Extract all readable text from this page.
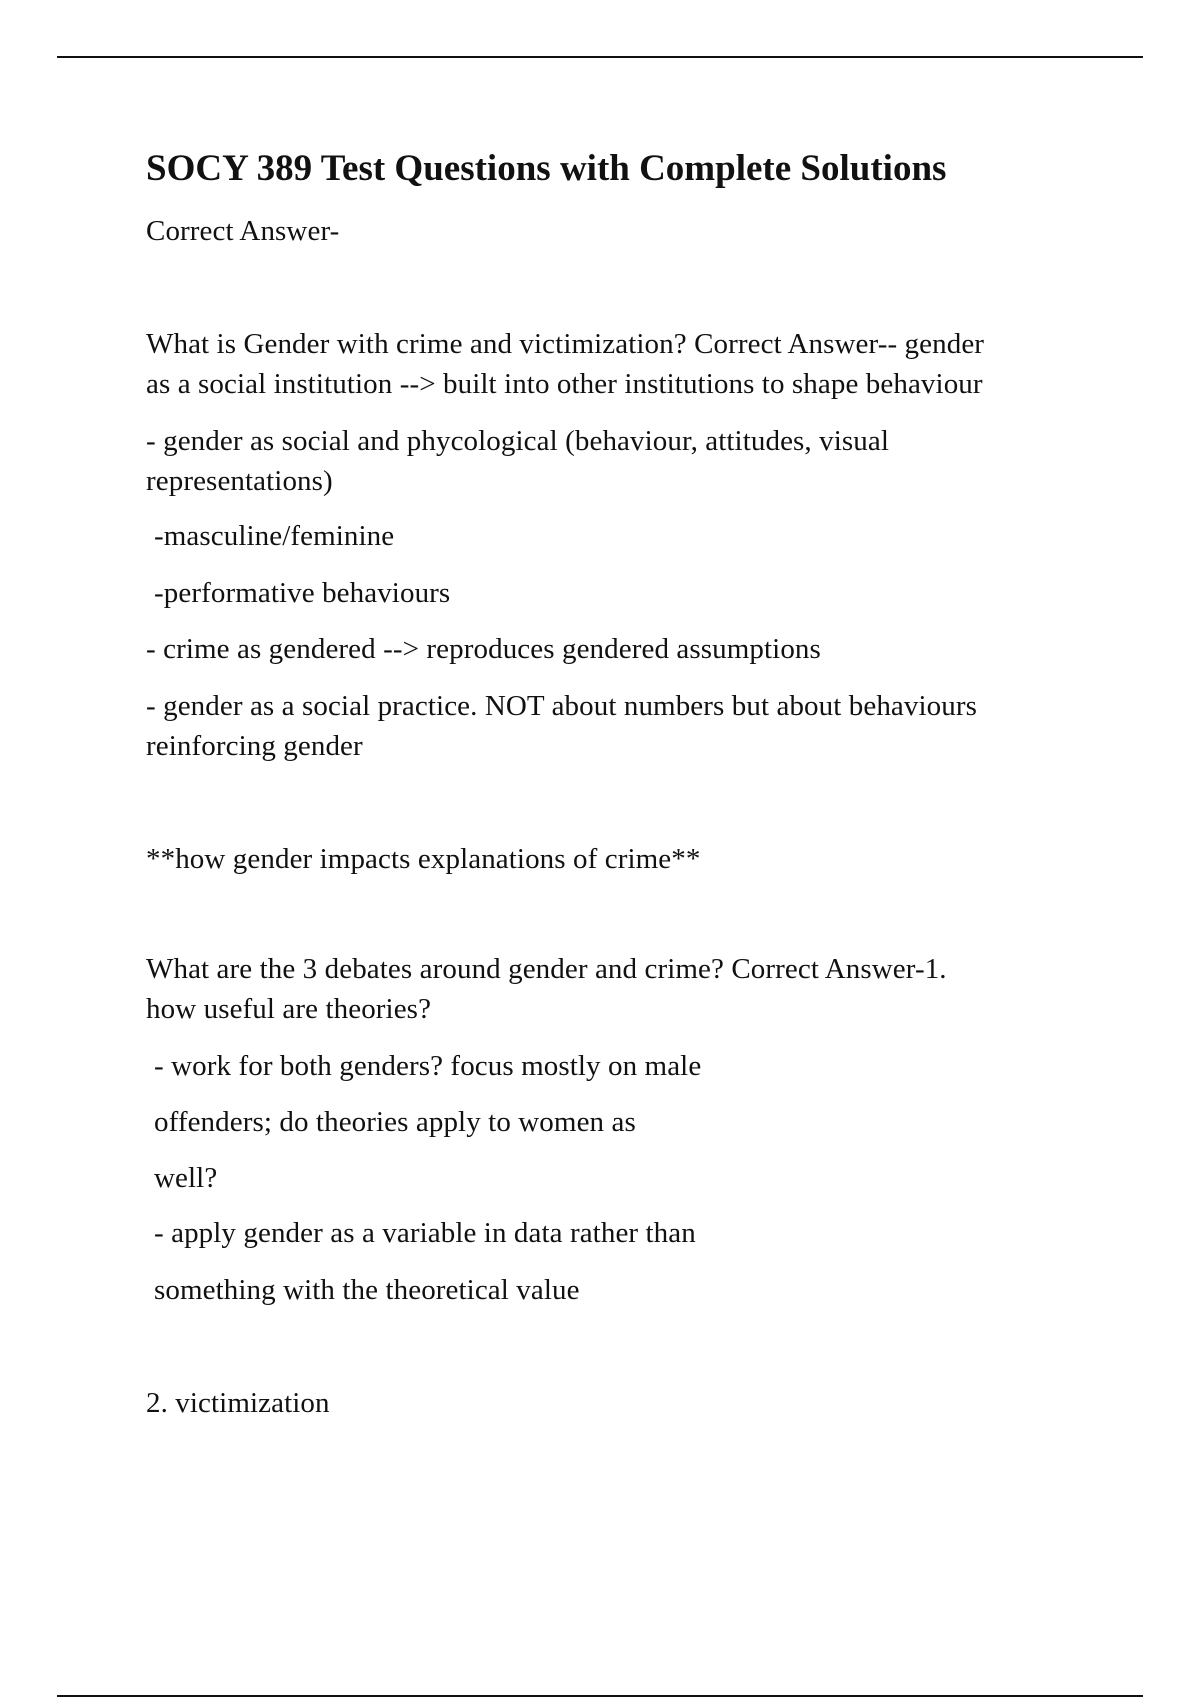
SOCY 389 Test Questions with Complete Solutions
Correct Answer-
What is Gender with crime and victimization? Correct Answer-- gender
as a social institution --> built into other institutions to shape behaviour
- gender as social and phycological (behaviour, attitudes, visual
representations)
-masculine/feminine
-performative behaviours
- crime as gendered --> reproduces gendered assumptions
- gender as a social practice. NOT about numbers but about behaviours
reinforcing gender
**how gender impacts explanations of crime**
What are the 3 debates around gender and crime? Correct Answer-1.
how useful are theories?
- work for both genders? focus mostly on male
offenders; do theories apply to women as
well?
- apply gender as a variable in data rather than
something with the theoretical value
2. victimization
